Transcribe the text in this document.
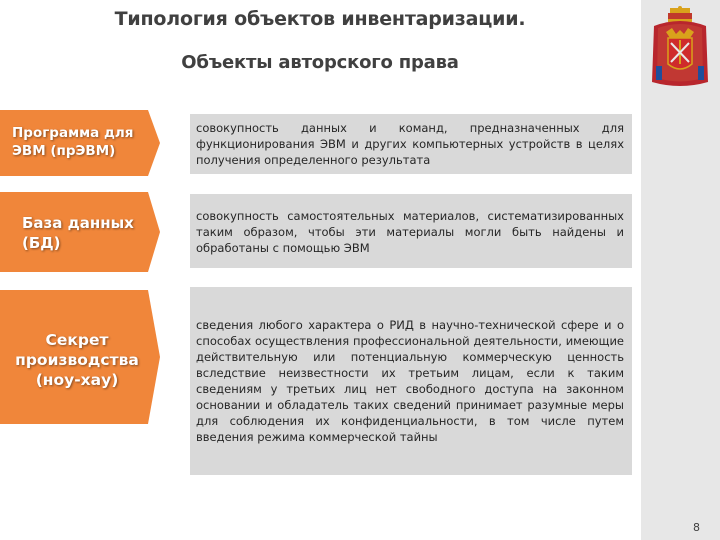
Типология объектов инвентаризации.
Объекты авторского права
Программа для ЭВМ (прЭВМ)
совокупность данных и команд, предназначенных для функционирования ЭВМ и других компьютерных устройств в целях получения определенного результата
База данных (БД)
совокупность самостоятельных материалов, систематизированных таким образом, чтобы эти материалы могли быть найдены и обработаны с помощью ЭВМ
Секрет производства (ноу-хау)
сведения любого характера о РИД в научно-технической сфере и о способах осуществления профессиональной деятельности, имеющие действительную или потенциальную коммерческую ценность вследствие неизвестности их третьим лицам, если к таким сведениям у третьих лиц нет свободного доступа на законном основании и обладатель таких сведений принимает разумные меры для соблюдения их конфиденциальности, в том числе путем введения режима коммерческой тайны
8
